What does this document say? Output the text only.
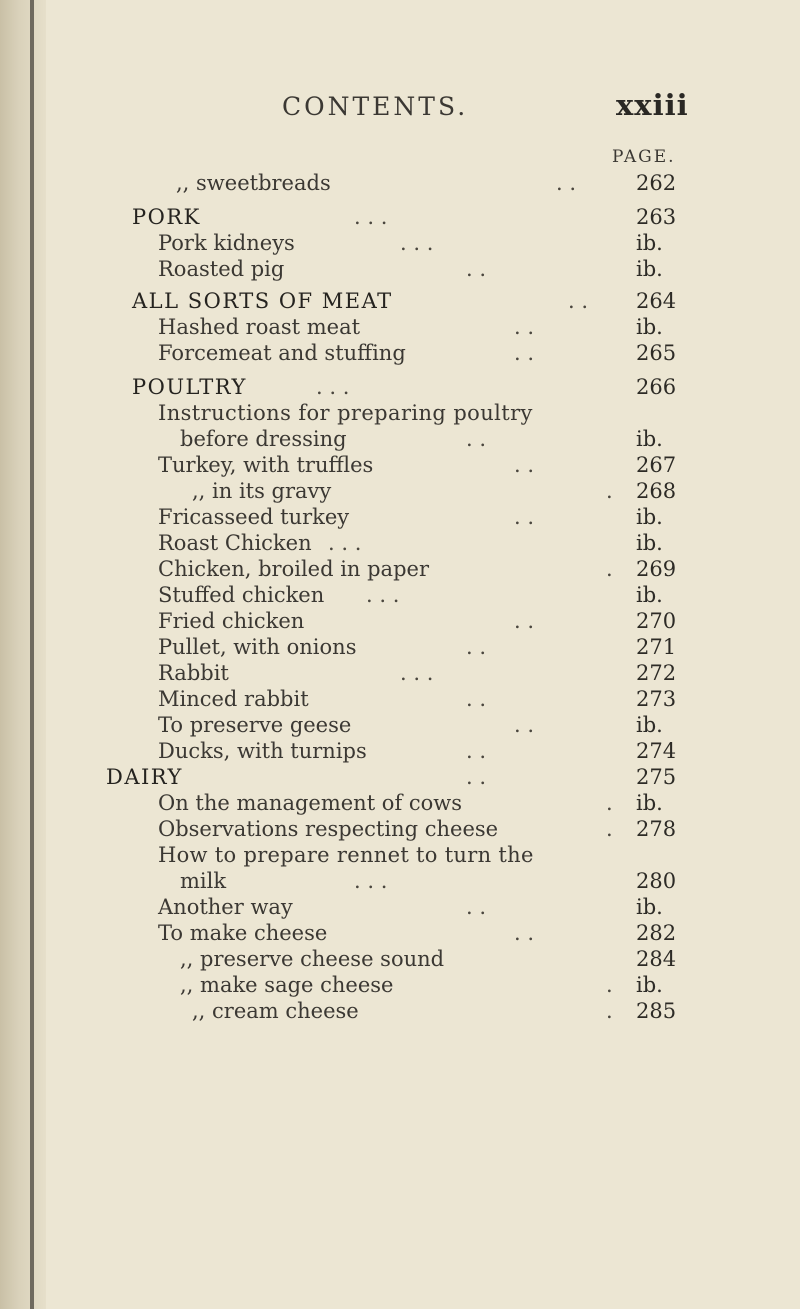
CONTENTS.	xxiii
PAGE.
,, sweetbreads	. .	262
PORK	. . .	263
Pork kidneys	. . .	ib.
Roasted pig	. .	ib.
ALL SORTS OF MEAT	. . 264
Hashed roast meat	. .	ib.
Forcemeat and stuffing	. .	265
POULTRY	. . .	266
Instructions for preparing poultry
before dressing	. .	ib.
Turkey, with truffles	. .	267
,, in its gravy	. 268
Fricasseed turkey	. .	ib.
Roast Chicken . . .	ib.
Chicken, broiled in paper	. 269
Stuffed chicken . . .	ib.
Fried chicken	. .	270
Pullet, with onions	. .	271
Rabbit	. . .	272
Minced rabbit	. .	273
To preserve geese	. .	ib.
Ducks, with turnips	. .	274
DAIRY	. .	275
On the management of cows	. ib.
Observations respecting cheese	. 278
How to prepare rennet to turn the
milk	. . .	280
Another way	. .	ib.
To make cheese	. .	282
,, preserve cheese sound	284
,, make sage cheese	. ib.
,, cream cheese	. 285
